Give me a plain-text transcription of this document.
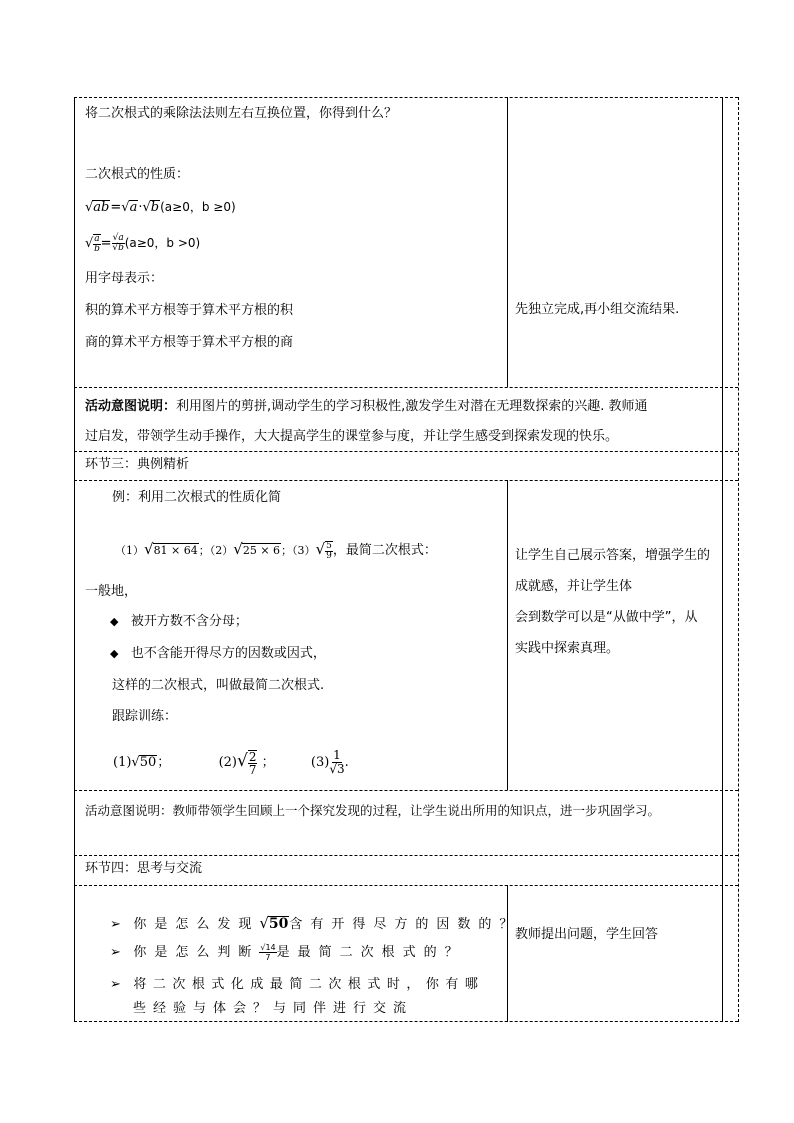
将二次根式的乘除法法则左右互换位置，你得到什么？
二次根式的性质：
√ab=√a·√b(a≥0，b ≥0)
√ $\frac{a}{b} = \frac{√a}{√b} (a\ge 0$，b >0)
用字母表示：
积的算术平方根等于算术平方根的积
商的算术平方根等于算术平方根的商
先独立完成,再小组交流结果.
活动意图说明：利用图片的剪拼,调动学生的学习积极性,激发学生对潜在无理数探索的兴趣. 教师通
过启发，带领学生动手操作，大大提高学生的课堂参与度，并让学生感受到探索发现的快乐。
环节三：典例精析
例：利用二次根式的性质化简
（1）√81 × 64；（2）√25 × 6；$(3)√ \frac{5}{9}$ ，最简二次根式：
一般地，
◆ 被开方数不含分母；
◆ 也不含能开得尽方的因数或因式，
这样的二次根式，叫做最简二次根式.
跟踪训练：
(1)√50；	$(2)√ \frac{2}{7}$ ；	$(3) \frac{1}{√3}$ .
让学生自己展示答案，增强学生的
成就感，并让学生体
会到数学可以是“从做中学”，从
实践中探索真理。
活动意图说明：教师带领学生回顾上一个探究发现的过程，让学生说出所用的知识点，进一步巩固学习。
环节四：思考与交流
➢ 你是怎么发现√50含有开得尽方的因数的？
➢ 你是怎么判断 $\frac{√14}{7}$ 是最简二次根式的？
➢ 将二次根式化成最简二次根式时，你有哪
些经验与体会？与同伴进行交流
教师提出问题，学生回答
